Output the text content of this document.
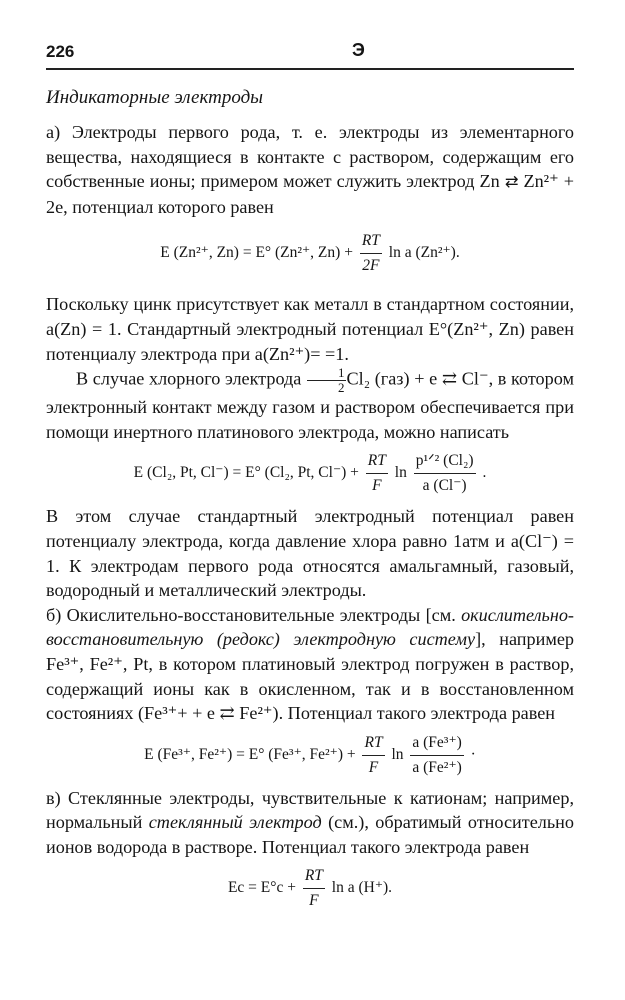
226	Э

Индикаторные электроды

а) Электроды первого рода, т. е. электроды из элементарного вещества, находящиеся в контакте с раствором, содержащим его собственные ионы; примером может служить электрод Zn ⇄ Zn²⁺ + 2e, потенциал которого равен

E (Zn²⁺, Zn) = E° (Zn²⁺, $Zn) + \frac{RT}{2F}$ ln a (Zn²⁺).

Поскольку цинк присутствует как металл в стандартном состоянии, a(Zn) = 1. Стандартный электродный потенциал E°(Zn²⁺, Zn) равен потенциалу электрода при a(Zn²⁺)= =1.

В случае хлорного электрода $\frac{1}{2} Cl_2$ (газ) + e ⇄ Cl⁻, в котором электронный контакт между газом и раствором обеспечивается при помощи инертного платинового электрода, можно написать

E (Cl₂, Pt, Cl⁻) = E° (Cl₂, Pt, $Cl^-) + \frac{RT}{F}$ $\ln \frac{\text{p¹ᐟ² (Cl₂)}}{a (Cl^-)}$ .

В этом случае стандартный электродный потенциал равен потенциалу электрода, когда давление хлора равно 1атм и a(Cl⁻) = 1. К электродам первого рода относятся амальгамный, газовый, водородный и металлический электроды.

б) Окислительно-восстановительные электроды [см. окислительно-восстановительную (редокс) электродную систему], например Fe³⁺, Fe²⁺, Pt, в котором платиновый электрод погружен в раствор, содержащий ионы как в окисленном, так и в восстановленном состояниях (Fe³⁺+ + e ⇄ Fe²⁺). Потенциал такого электрода равен

E (Fe³⁺, Fe²⁺) = E° (Fe³⁺, $Fe^{2+}) + \frac{RT}{F}$ $\ln \frac{\text{a (Fe³⁺)}}{\text{a (Fe²⁺)}}$ ·

в) Стеклянные электроды, чувствительные к катионам; например, нормальный стеклянный электрод (см.), обратимый относительно ионов водорода в растворе. Потенциал такого электрода равен

Eс = $E^\circ с + \frac{RT}{F}$ ln a (H⁺).
